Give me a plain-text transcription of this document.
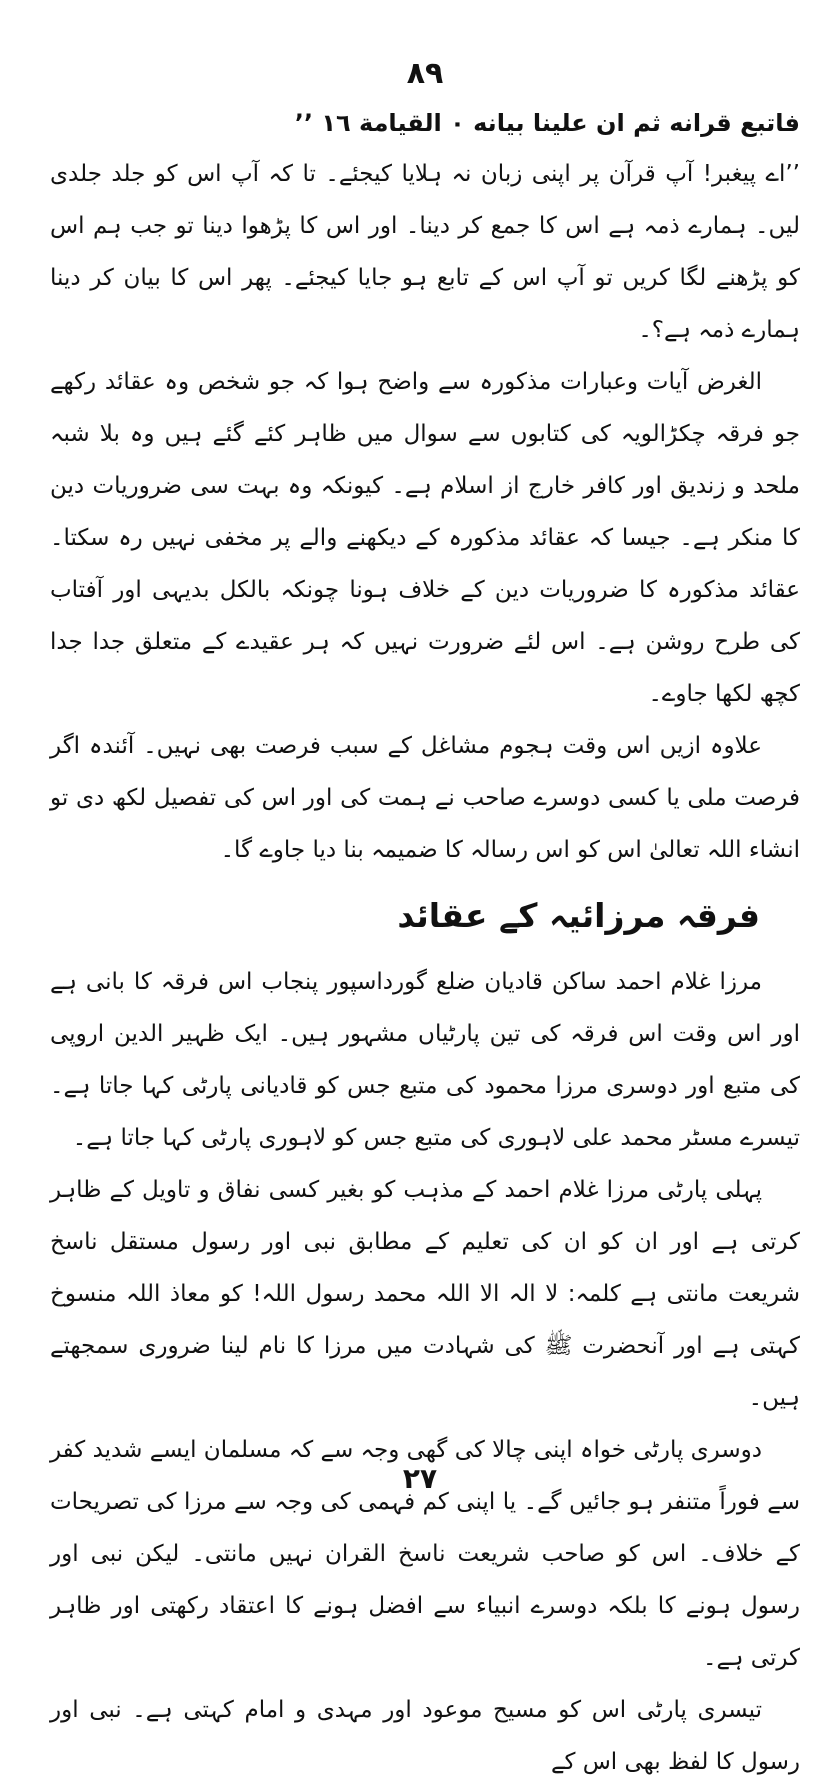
۸۹

فاتبع قرانه ثم ان علينا بيانه ۰ القيامة ١٦ ’’

’’اے پیغبر! آپ قرآن پر اپنی زبان نہ ہلایا کیجئے۔ تا کہ آپ اس کو جلد جلدی لیں۔ ہمارے ذمہ ہے اس کا جمع کر دینا۔ اور اس کا پڑھوا دینا تو جب ہم اس کو پڑھنے لگا کریں تو آپ اس کے تابع ہو جایا کیجئے۔ پھر اس کا بیان کر دینا ہمارے ذمہ ہے؟۔

الغرض آیات وعبارات مذکورہ سے واضح ہوا کہ جو شخص وہ عقائد رکھے جو فرقہ چکڑالویہ کی کتابوں سے سوال میں ظاہر کئے گئے ہیں وہ بلا شبہ ملحد و زندیق اور کافر خارج از اسلام ہے۔ کیونکہ وہ بہت سی ضروریات دین کا منکر ہے۔ جیسا کہ عقائد مذکورہ کے دیکھنے والے پر مخفی نہیں رہ سکتا۔ عقائد مذکورہ کا ضروریات دین کے خلاف ہونا چونکہ بالکل بدیہی اور آفتاب کی طرح روشن ہے۔ اس لئے ضرورت نہیں کہ ہر عقیدے کے متعلق جدا جدا کچھ لکھا جاوے۔

علاوہ ازیں اس وقت ہجوم مشاغل کے سبب فرصت بھی نہیں۔ آئندہ اگر فرصت ملی یا کسی دوسرے صاحب نے ہمت کی اور اس کی تفصیل لکھ دی تو انشاء اللہ تعالیٰ اس کو اس رسالہ کا ضمیمہ بنا دیا جاوے گا۔

فرقہ مرزائیہ کے عقائد

مرزا غلام احمد ساکن قادیان ضلع گورداسپور پنجاب اس فرقہ کا بانی ہے اور اس وقت اس فرقہ کی تین پارٹیاں مشہور ہیں۔ ایک ظہیر الدین اروپی کی متبع اور دوسری مرزا محمود کی متبع جس کو قادیانی پارٹی کہا جاتا ہے۔ تیسرے مسٹر محمد علی لاہوری کی متبع جس کو لاہوری پارٹی کہا جاتا ہے۔

پہلی پارٹی مرزا غلام احمد کے مذہب کو بغیر کسی نفاق و تاویل کے ظاہر کرتی ہے اور ان کو ان کی تعلیم کے مطابق نبی اور رسول مستقل ناسخ شریعت مانتی ہے کلمہ: لا الہ الا اللہ محمد رسول اللہ! کو معاذ اللہ منسوخ کہتی ہے اور آنحضرت ﷺ کی شہادت میں مرزا کا نام لینا ضروری سمجھتے ہیں۔

دوسری پارٹی خواہ اپنی چالا کی گھی وجہ سے کہ مسلمان ایسے شدید کفر سے فوراً متنفر ہو جائیں گے۔ یا اپنی کم فہمی کی وجہ سے مرزا کی تصریحات کے خلاف۔ اس کو صاحب شریعت ناسخ القران نہیں مانتی۔ لیکن نبی اور رسول ہونے کا بلکہ دوسرے انبیاء سے افضل ہونے کا اعتقاد رکھتی اور ظاہر کرتی ہے۔

تیسری پارٹی اس کو مسیح موعود اور مہدی و امام کہتی ہے۔ نبی اور رسول کا لفظ بھی اس کے

۲۷
